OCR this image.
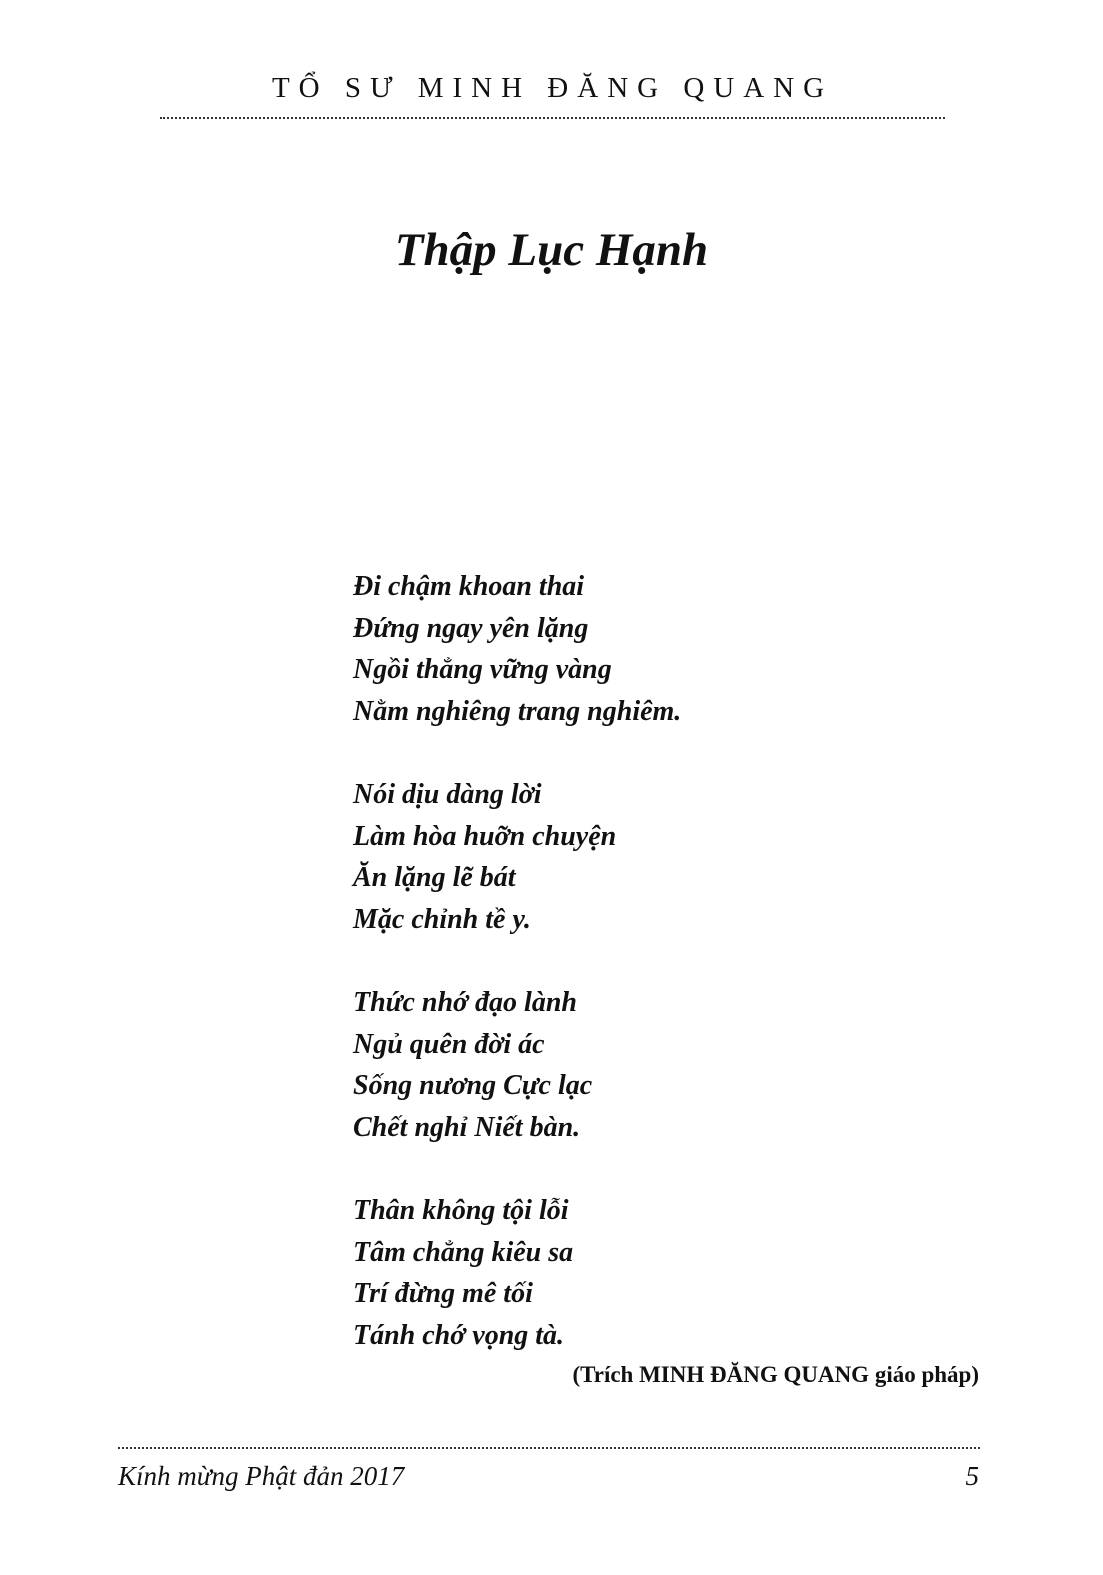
TỔ SƯ MINH ĐĂNG QUANG
Thập Lục Hạnh
Đi chậm khoan thai
Đứng ngay yên lặng
Ngồi thẳng vững vàng
Nằm nghiêng trang nghiêm.
Nói dịu dàng lời
Làm hòa huỡn chuyện
Ăn lặng lẽ bát
Mặc chỉnh tề y.
Thức nhớ đạo lành
Ngủ quên đời ác
Sống nương Cực lạc
Chết nghỉ Niết bàn.
Thân không tội lỗi
Tâm chẳng kiêu sa
Trí đừng mê tối
Tánh chớ vọng tà.
(Trích MINH ĐĂNG QUANG giáo pháp)
Kính mừng Phật đản 2017	5
